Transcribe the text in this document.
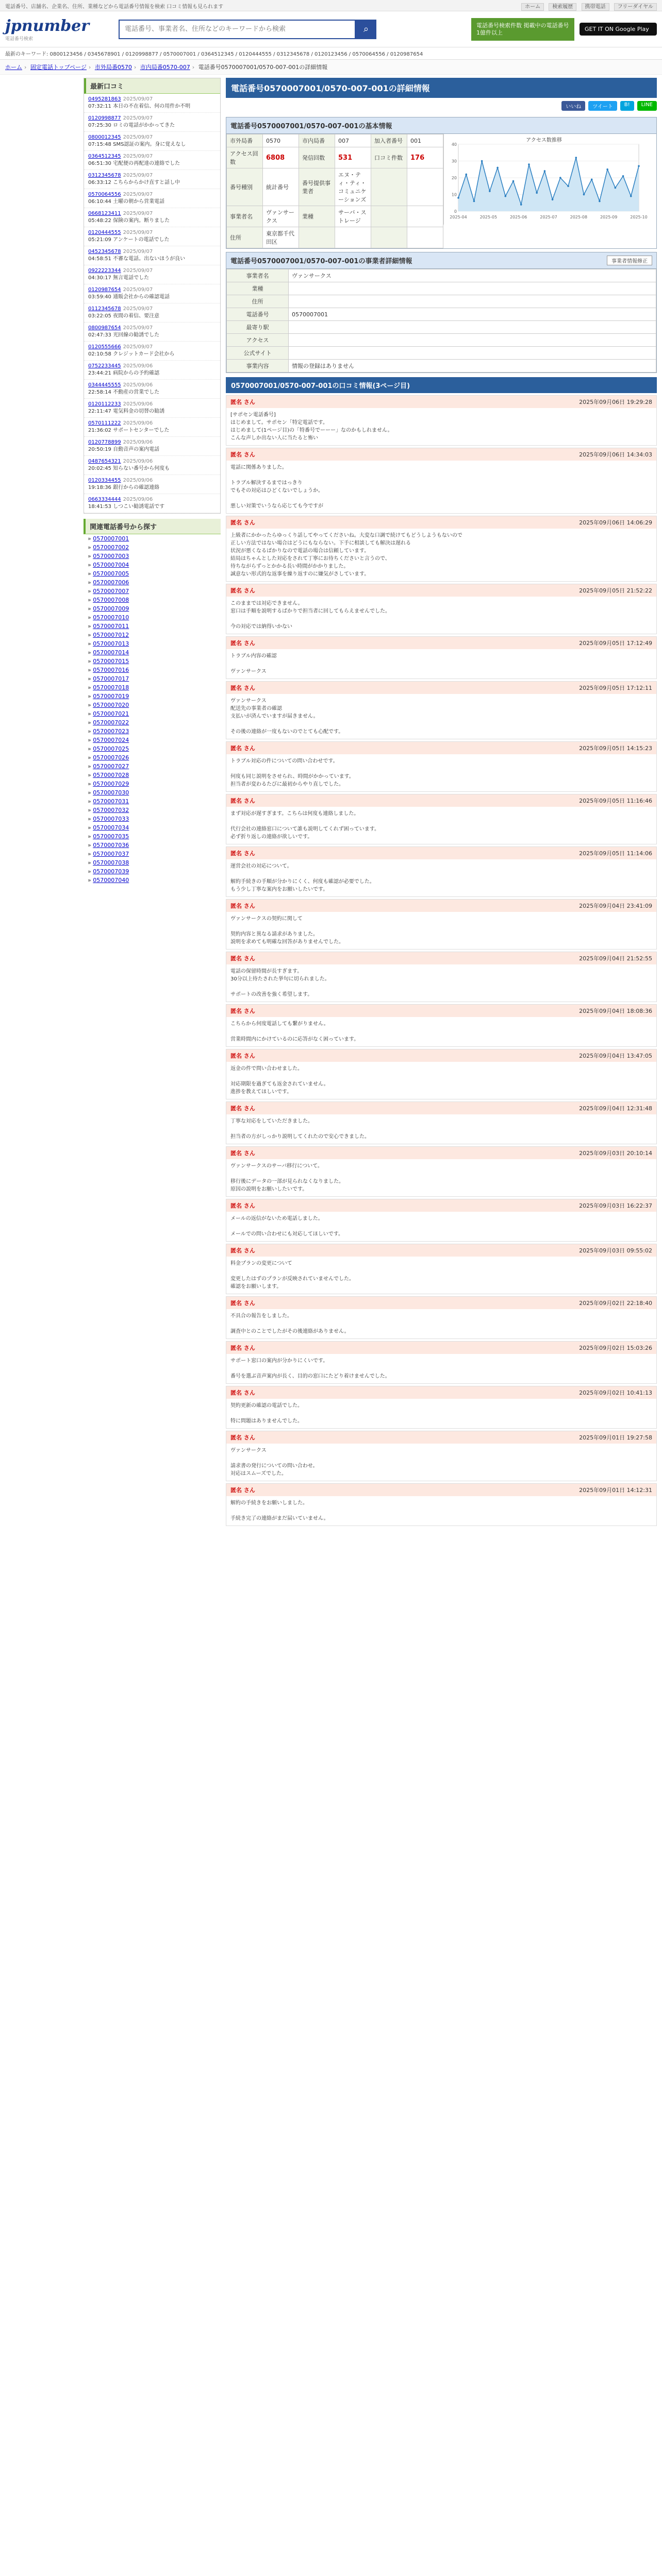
電話番号、店舗名、企業名、住所、業種などから電話番号情報を検索 口コミ情報も見られます	ホーム 検索履歴 携帯電話 フリーダイヤル
jpnumber
電話番号検索
電話番号、事業者名、住所などのキーワードから検索
⌕	電話番号検索件数 掲載中の電話番号 1億件以上	GET IT ON Google Play
最新のキーワード: 0800123456 / 0345678901 / 0120998877 / 0570007001 / 0364512345 / 0120444555 / 0312345678 / 0120123456 / 0570064556 / 0120987654
ホーム › 固定電話トップページ › 市外局番0570 › 市内局番0570-007 › 電話番号0570007001/0570-007-001の詳細情報
最新口コミ
0495281863 2025/09/07
07:32:11 本日の不在着信、何の用件か不明
0120998877 2025/09/07
07:25:30 ロミの電話がかかってきた
0800012345 2025/09/07
07:15:48 SMS認証の案内。身に覚えなし
0364512345 2025/09/07
06:51:30 宅配便の再配達の連絡でした
0312345678 2025/09/07
06:33:12 こちらからかけ直すと話し中
0570064556 2025/09/07
06:10:44 土曜の朝から営業電話
0668123411 2025/09/07
05:48:22 保険の案内。断りました
0120444555 2025/09/07
05:21:09 アンケートの電話でした
0452345678 2025/09/07
04:58:51 不審な電話。出ないほうが良い
0922223344 2025/09/07
04:30:17 無言電話でした
0120987654 2025/09/07
03:59:40 通販会社からの確認電話
0112345678 2025/09/07
03:22:05 夜間の着信、要注意
0800987654 2025/09/07
02:47:33 光回線の勧誘でした
0120555666 2025/09/07
02:10:58 クレジットカード会社から
0752233445 2025/09/06
23:44:21 病院からの予約確認
0344445555 2025/09/06
22:58:14 不動産の営業でした
0120112233 2025/09/06
22:11:47 電気料金の切替の勧誘
0570111222 2025/09/06
21:36:02 サポートセンターでした
0120778899 2025/09/06
20:50:19 自動音声の案内電話
0487654321 2025/09/06
20:02:45 知らない番号から何度も
0120334455 2025/09/06
19:18:36 銀行からの確認連絡
0663334444 2025/09/06
18:41:53 しつこい勧誘電話です
関連電話番号から探す
» 0570007001
» 0570007002
» 0570007003
» 0570007004
» 0570007005
» 0570007006
» 0570007007
» 0570007008
» 0570007009
» 0570007010
» 0570007011
» 0570007012
» 0570007013
» 0570007014
» 0570007015
» 0570007016
» 0570007017
» 0570007018
» 0570007019
» 0570007020
» 0570007021
» 0570007022
» 0570007023
» 0570007024
» 0570007025
» 0570007026
» 0570007027
» 0570007028
» 0570007029
» 0570007030
» 0570007031
» 0570007032
» 0570007033
» 0570007034
» 0570007035
» 0570007036
» 0570007037
» 0570007038
» 0570007039
» 0570007040
電話番号0570007001/0570-007-001の詳細情報
いいね	ツイート	B!	LINE
電話番号0570007001/0570-007-001の基本情報
市外局番	0570	市内局番	007	加入者番号	001
アクセス回数	6808	発信回数	531	口コミ件数	176
番号種別	統計番号	番号提供事業者	エヌ・ティ・ティ・コミュニケーションズ		
事業者名	ヴァンサークス	業種	サーバ・ストレージ		
住所	東京都千代田区				
アクセス数推移
0
10
20
30
40
2025-04	2025-05	2025-06	2025-07	2025-08	2025-09	2025-10
電話番号0570007001/0570-007-001の事業者詳細情報	事業者情報修正
事業者名	ヴァンサークス
業種	
住所	
電話番号	0570007001
最寄り駅	
アクセス	
公式サイト	
事業内容	情報の登録はありません
0570007001/0570-007-001の口コミ情報(3ページ目)
匿名 さん	2025年09月06日 19:29:28
[サポセン電話番号]
はじめまして。サポセン「特定電話です。
はじめまして(1ページ目)の「特番号でーーー」なのかもしれません。
こんな声しか出ない人に当たると怖い
匿名 さん	2025年09月06日 14:34:03
電話に関係ありました。

トラブル解決するまではっきり
でもその対応はひどくないでしょうか。

悪しい対策でいうなら応じても今ですが
匿名 さん	2025年09月06日 14:06:29
上級者にかかったらゆっくり話してやってくださいね。大変な口調で続けてもどうしようもないので
正しい方法ではない場合はどうにもならない。下手に相談しても解決は遅れる
状況が悪くなるばかりなので電話の場合は信頼しています。
結局はちゃんとした対応をされて丁寧にお待ちくださいと言うので、
待ちながらずっとかかる長い時間がかかりました。
誠意ない形式的な返事を繰り返すのに嫌気がさしています。
匿名 さん	2025年09月05日 21:52:22
このままでは対応できません。
窓口は手順を説明するばかりで担当者に回してもらえませんでした。

今の対応では納得いかない
匿名 さん	2025年09月05日 17:12:49
トラブル内容の確認

ヴァンサークス
匿名 さん	2025年09月05日 17:12:11
ヴァンサークス
配送先の事業者の確認
支払いが済んでいますが届きません。

その後の連絡が一度もないのでとても心配です。
匿名 さん	2025年09月05日 14:15:23
トラブル対応の件についての問い合わせです。

何度も同じ説明をさせられ、時間がかかっています。
担当者が変わるたびに最初からやり直しでした。
匿名 さん	2025年09月05日 11:16:46
まず対応が遅すぎます。こちらは何度も連絡しました。

代行会社の連絡窓口について誰も説明してくれず困っています。
必ず折り返しの連絡が欲しいです。
匿名 さん	2025年09月05日 11:14:06
運営会社の対応について。

解約手続きの手順が分かりにくく、何度も確認が必要でした。
もう少し丁寧な案内をお願いしたいです。
匿名 さん	2025年09月04日 23:41:09
ヴァンサークスの契約に関して

契約内容と異なる請求がありました。
説明を求めても明確な回答がありませんでした。
匿名 さん	2025年09月04日 21:52:55
電話の保留時間が長すぎます。
30分以上待たされた挙句に切られました。

サポートの改善を強く希望します。
匿名 さん	2025年09月04日 18:08:36
こちらから何度電話しても繋がりません。

営業時間内にかけているのに応答がなく困っています。
匿名 さん	2025年09月04日 13:47:05
返金の件で問い合わせました。

対応期限を過ぎても返金されていません。
進捗を教えてほしいです。
匿名 さん	2025年09月04日 12:31:48
丁寧な対応をしていただきました。

担当者の方がしっかり説明してくれたので安心できました。
匿名 さん	2025年09月03日 20:10:14
ヴァンサークスのサーバ移行について。

移行後にデータの一部が見られなくなりました。
原因の説明をお願いしたいです。
匿名 さん	2025年09月03日 16:22:37
メールの返信がないため電話しました。

メールでの問い合わせにも対応してほしいです。
匿名 さん	2025年09月03日 09:55:02
料金プランの変更について

変更したはずのプランが反映されていませんでした。
確認をお願いします。
匿名 さん	2025年09月02日 22:18:40
不具合の報告をしました。

調査中とのことでしたがその後連絡がありません。
匿名 さん	2025年09月02日 15:03:26
サポート窓口の案内が分かりにくいです。

番号を選ぶ音声案内が長く、目的の窓口にたどり着けませんでした。
匿名 さん	2025年09月02日 10:41:13
契約更新の確認の電話でした。

特に問題はありませんでした。
匿名 さん	2025年09月01日 19:27:58
ヴァンサークス

請求書の発行についての問い合わせ。
対応はスムーズでした。
匿名 さん	2025年09月01日 14:12:31
解約の手続きをお願いしました。

手続き完了の連絡がまだ届いていません。
